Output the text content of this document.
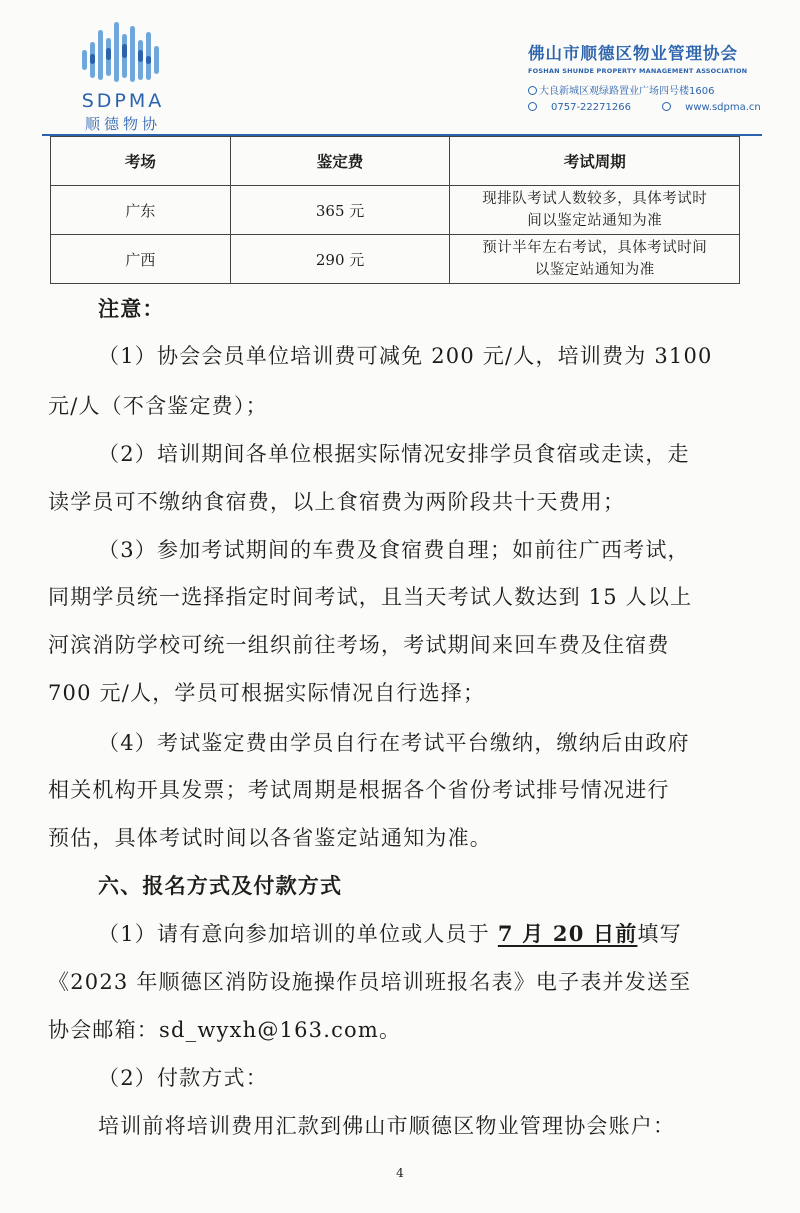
SDPMA
顺德物协
佛山市顺德区物业管理协会
FOSHAN SHUNDE PROPERTY MANAGEMENT ASSOCIATION
大良新城区观绿路置业广场四号楼1606
0757-22271266	www.sdpma.cn
考场	鉴定费	考试周期
广东	365 元	现排队考试人数较多，具体考试时
间以鉴定站通知为准

广西	290 元	预计半年左右考试，具体考试时间
以鉴定站通知为准
注意：
（1）协会会员单位培训费可减免 200 元/人，培训费为 3100
元/人（不含鉴定费）；
（2）培训期间各单位根据实际情况安排学员食宿或走读，走
读学员可不缴纳食宿费，以上食宿费为两阶段共十天费用；
（3）参加考试期间的车费及食宿费自理；如前往广西考试，
同期学员统一选择指定时间考试，且当天考试人数达到 15 人以上
河滨消防学校可统一组织前往考场，考试期间来回车费及住宿费
700 元/人，学员可根据实际情况自行选择；
（4）考试鉴定费由学员自行在考试平台缴纳，缴纳后由政府
相关机构开具发票；考试周期是根据各个省份考试排号情况进行
预估，具体考试时间以各省鉴定站通知为准。
六、报名方式及付款方式
（1）请有意向参加培训的单位或人员于 7 月 20 日前填写
《2023 年顺德区消防设施操作员培训班报名表》电子表并发送至
协会邮箱：sd_wyxh@163.com。
（2）付款方式：
培训前将培训费用汇款到佛山市顺德区物业管理协会账户：
4
